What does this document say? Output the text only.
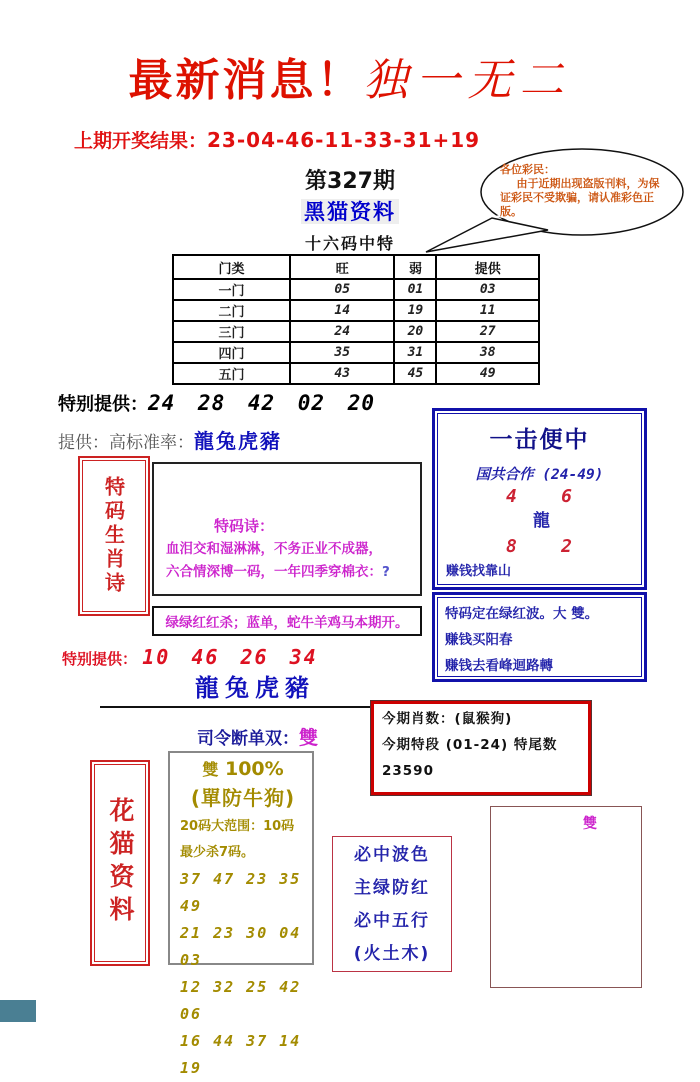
最新消息！独一无二
上期开奖结果：23-04-46-11-33-31+19
各位彩民：
由于近期出现盗版刊料，为保证彩民不受欺骗，请认准彩色正版。
第327期
黑猫资料
十六码中特
门类	旺	弱	提供
一门	05	01	03
二门	14	19	11
三门	24	20	27
四门	35	31	38
五门	43	45	49
特别提供：24 28 42 02 20
提供：高标准率：龍兔虎豬
特码生肖诗	特码诗：
血泪交和湿淋淋，不务正业不成器，
六合情深博一码，一年四季穿棉衣：?
绿绿红红杀；蓝单，蛇牛羊鸡马本期开。
特别提供： 10 46 26 34
龍兔虎豬
司令断单双：雙
一击便中
国共合作 (24-49)
4 6
龍
8 2
赚钱找靠山
特码定在绿红波。大 雙。
赚钱买阳春
赚钱去看峰迴路轉
今期肖数：(鼠猴狗)
今期特段 (01-24) 特尾数 23590
雙 100%
(單防牛狗)
20码大范围：10码
最少杀7码。
37 47 23 35 49
21 23 30 04 03
12 32 25 42 06
16 44 37 14 19
花猫资料	必中波色
主绿防红
必中五行
(火土木)
雙
